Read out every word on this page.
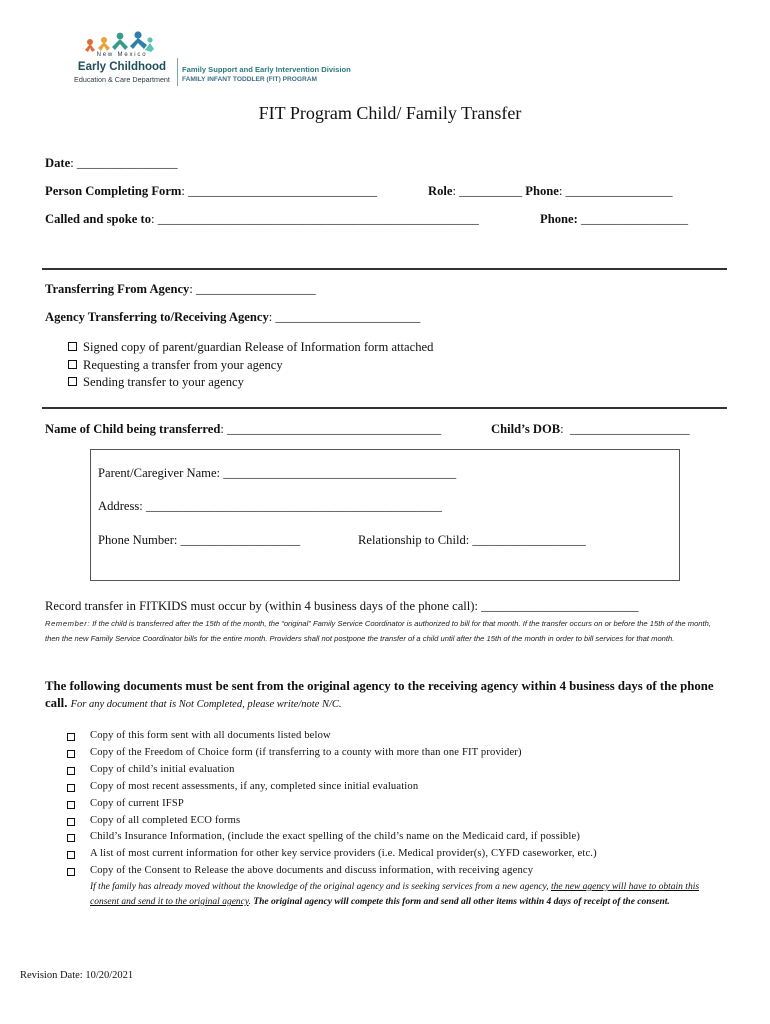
New Mexico
Early Childhood
Education & Care Department
Family Support and Early Intervention Division
FAMILY INFANT TODDLER (FIT) PROGRAM
FIT Program Child/ Family Transfer
Date: ________________
Person Completing Form: ______________________________	Role: __________ Phone: _________________
Called and spoke to: ___________________________________________________	Phone: _________________
Transferring From Agency: ___________________
Agency Transferring to/Receiving Agency: _______________________
Signed copy of parent/guardian Release of Information form attached
Requesting a transfer from your agency
Sending transfer to your agency
Name of Child being transferred: __________________________________	Child’s DOB:  ___________________
Parent/Caregiver Name: _____________________________________
Address: _______________________________________________
Phone Number: ___________________	Relationship to Child: __________________
Record transfer in FITKIDS must occur by (within 4 business days of the phone call): _________________________
Remember: If the child is transferred after the 15th of the month, the “original” Family Service Coordinator is authorized to bill for that month. If the transfer occurs on or before the 15th of the month, then the new Family Service Coordinator bills for the entire month. Providers shall not postpone the transfer of a child until after the 15th of the month in order to bill services for that month.
The following documents must be sent from the original agency to the receiving agency within 4 business days of the phone call. For any document that is Not Completed, please write/note N/C.
Copy of this form sent with all documents listed below
Copy of the Freedom of Choice form (if transferring to a county with more than one FIT provider)
Copy of child’s initial evaluation
Copy of most recent assessments, if any, completed since initial evaluation
Copy of current IFSP
Copy of all completed ECO forms
Child’s Insurance Information, (include the exact spelling of the child’s name on the Medicaid card, if possible)
A list of most current information for other key service providers (i.e. Medical provider(s), CYFD caseworker, etc.)
Copy of the Consent to Release the above documents and discuss information, with receiving agency
If the family has already moved without the knowledge of the original agency and is seeking services from a new agency, the new agency will have to obtain this consent and send it to the original agency. The original agency will compete this form and send all other items within 4 days of receipt of the consent.
Revision Date: 10/20/2021
